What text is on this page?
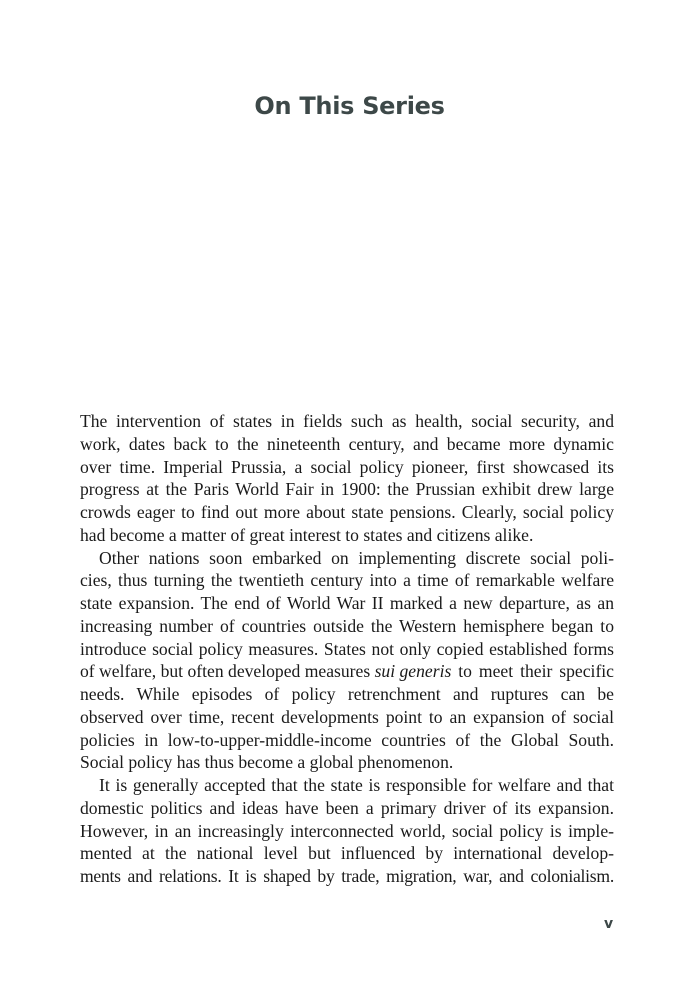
On This Series
The intervention of states in fields such as health, social security, and
work, dates back to the nineteenth century, and became more dynamic
over time. Imperial Prussia, a social policy pioneer, first showcased its
progress at the Paris World Fair in 1900: the Prussian exhibit drew large
crowds eager to find out more about state pensions. Clearly, social policy
had become a matter of great interest to states and citizens alike.
Other nations soon embarked on implementing discrete social poli-
cies, thus turning the twentieth century into a time of remarkable welfare
state expansion. The end of World War II marked a new departure, as an
increasing number of countries outside the Western hemisphere began to
introduce social policy measures. States not only copied established forms
of welfare, but often developed measures sui generis to meet their specific
needs. While episodes of policy retrenchment and ruptures can be
observed over time, recent developments point to an expansion of social
policies in low-to-upper-middle-income countries of the Global South.
Social policy has thus become a global phenomenon.
It is generally accepted that the state is responsible for welfare and that
domestic politics and ideas have been a primary driver of its expansion.
However, in an increasingly interconnected world, social policy is imple-
mented at the national level but influenced by international develop-
ments and relations. It is shaped by trade, migration, war, and colonialism.
v
